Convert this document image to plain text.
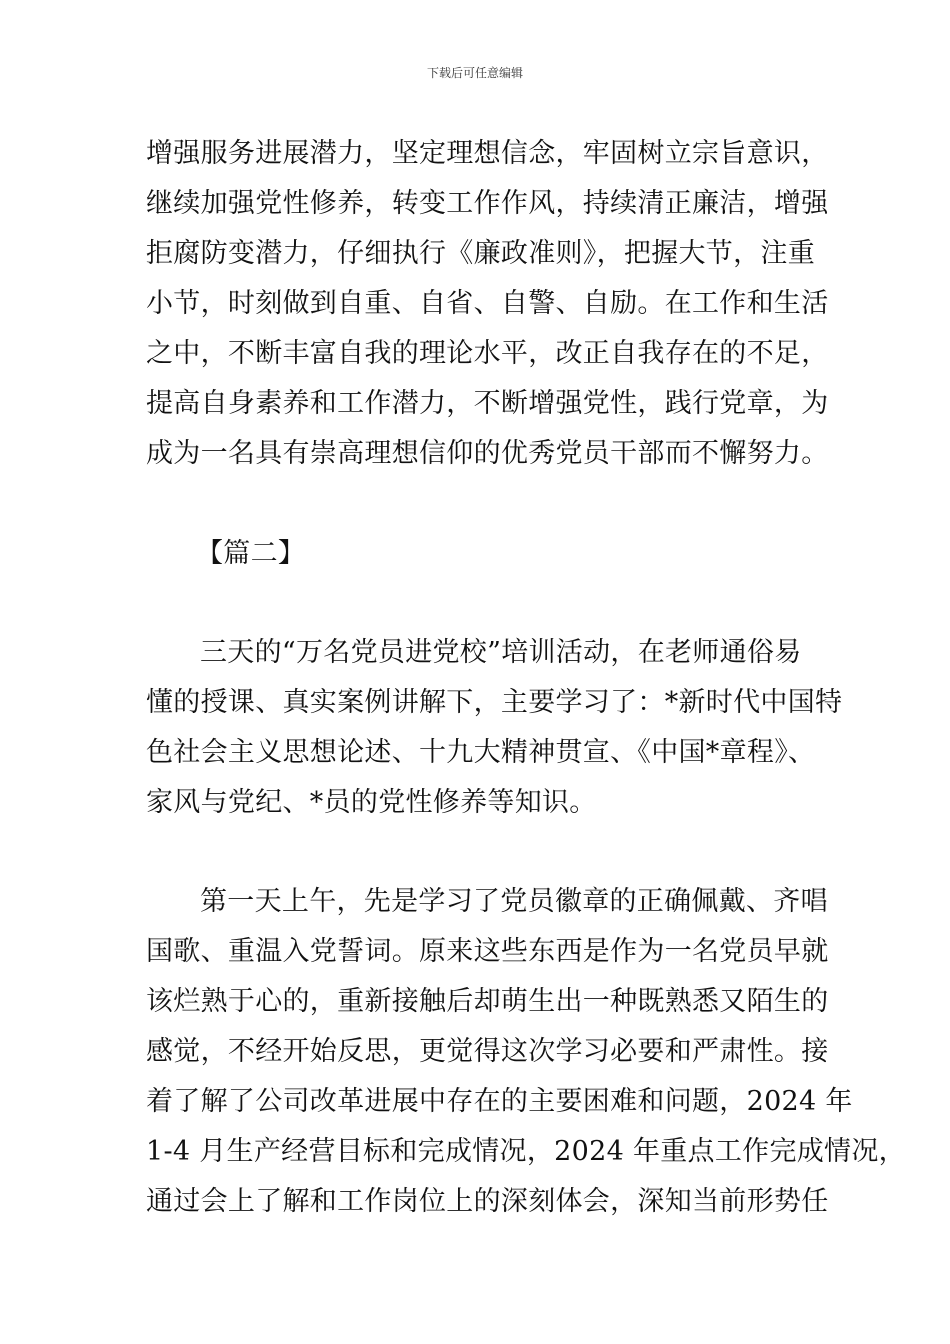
下载后可任意编辑
增强服务进展潜力，坚定理想信念，牢固树立宗旨意识，
继续加强党性修养，转变工作作风，持续清正廉洁，增强
拒腐防变潜力，仔细执行《廉政准则》，把握大节，注重
小节，时刻做到自重、自省、自警、自励。在工作和生活
之中，不断丰富自我的理论水平，改正自我存在的不足，
提高自身素养和工作潜力，不断增强党性，践行党章，为
成为一名具有崇高理想信仰的优秀党员干部而不懈努力。
【篇二】
三天的“万名党员进党校”培训活动，在老师通俗易
懂的授课、真实案例讲解下，主要学习了：*新时代中国特
色社会主义思想论述、十九大精神贯宣、《中国*章程》、
家风与党纪、*员的党性修养等知识。
第一天上午，先是学习了党员徽章的正确佩戴、齐唱
国歌、重温入党誓词。原来这些东西是作为一名党员早就
该烂熟于心的，重新接触后却萌生出一种既熟悉又陌生的
感觉，不经开始反思，更觉得这次学习必要和严肃性。接
着了解了公司改革进展中存在的主要困难和问题，2024 年
1-4 月生产经营目标和完成情况，2024 年重点工作完成情况，
通过会上了解和工作岗位上的深刻体会，深知当前形势任
